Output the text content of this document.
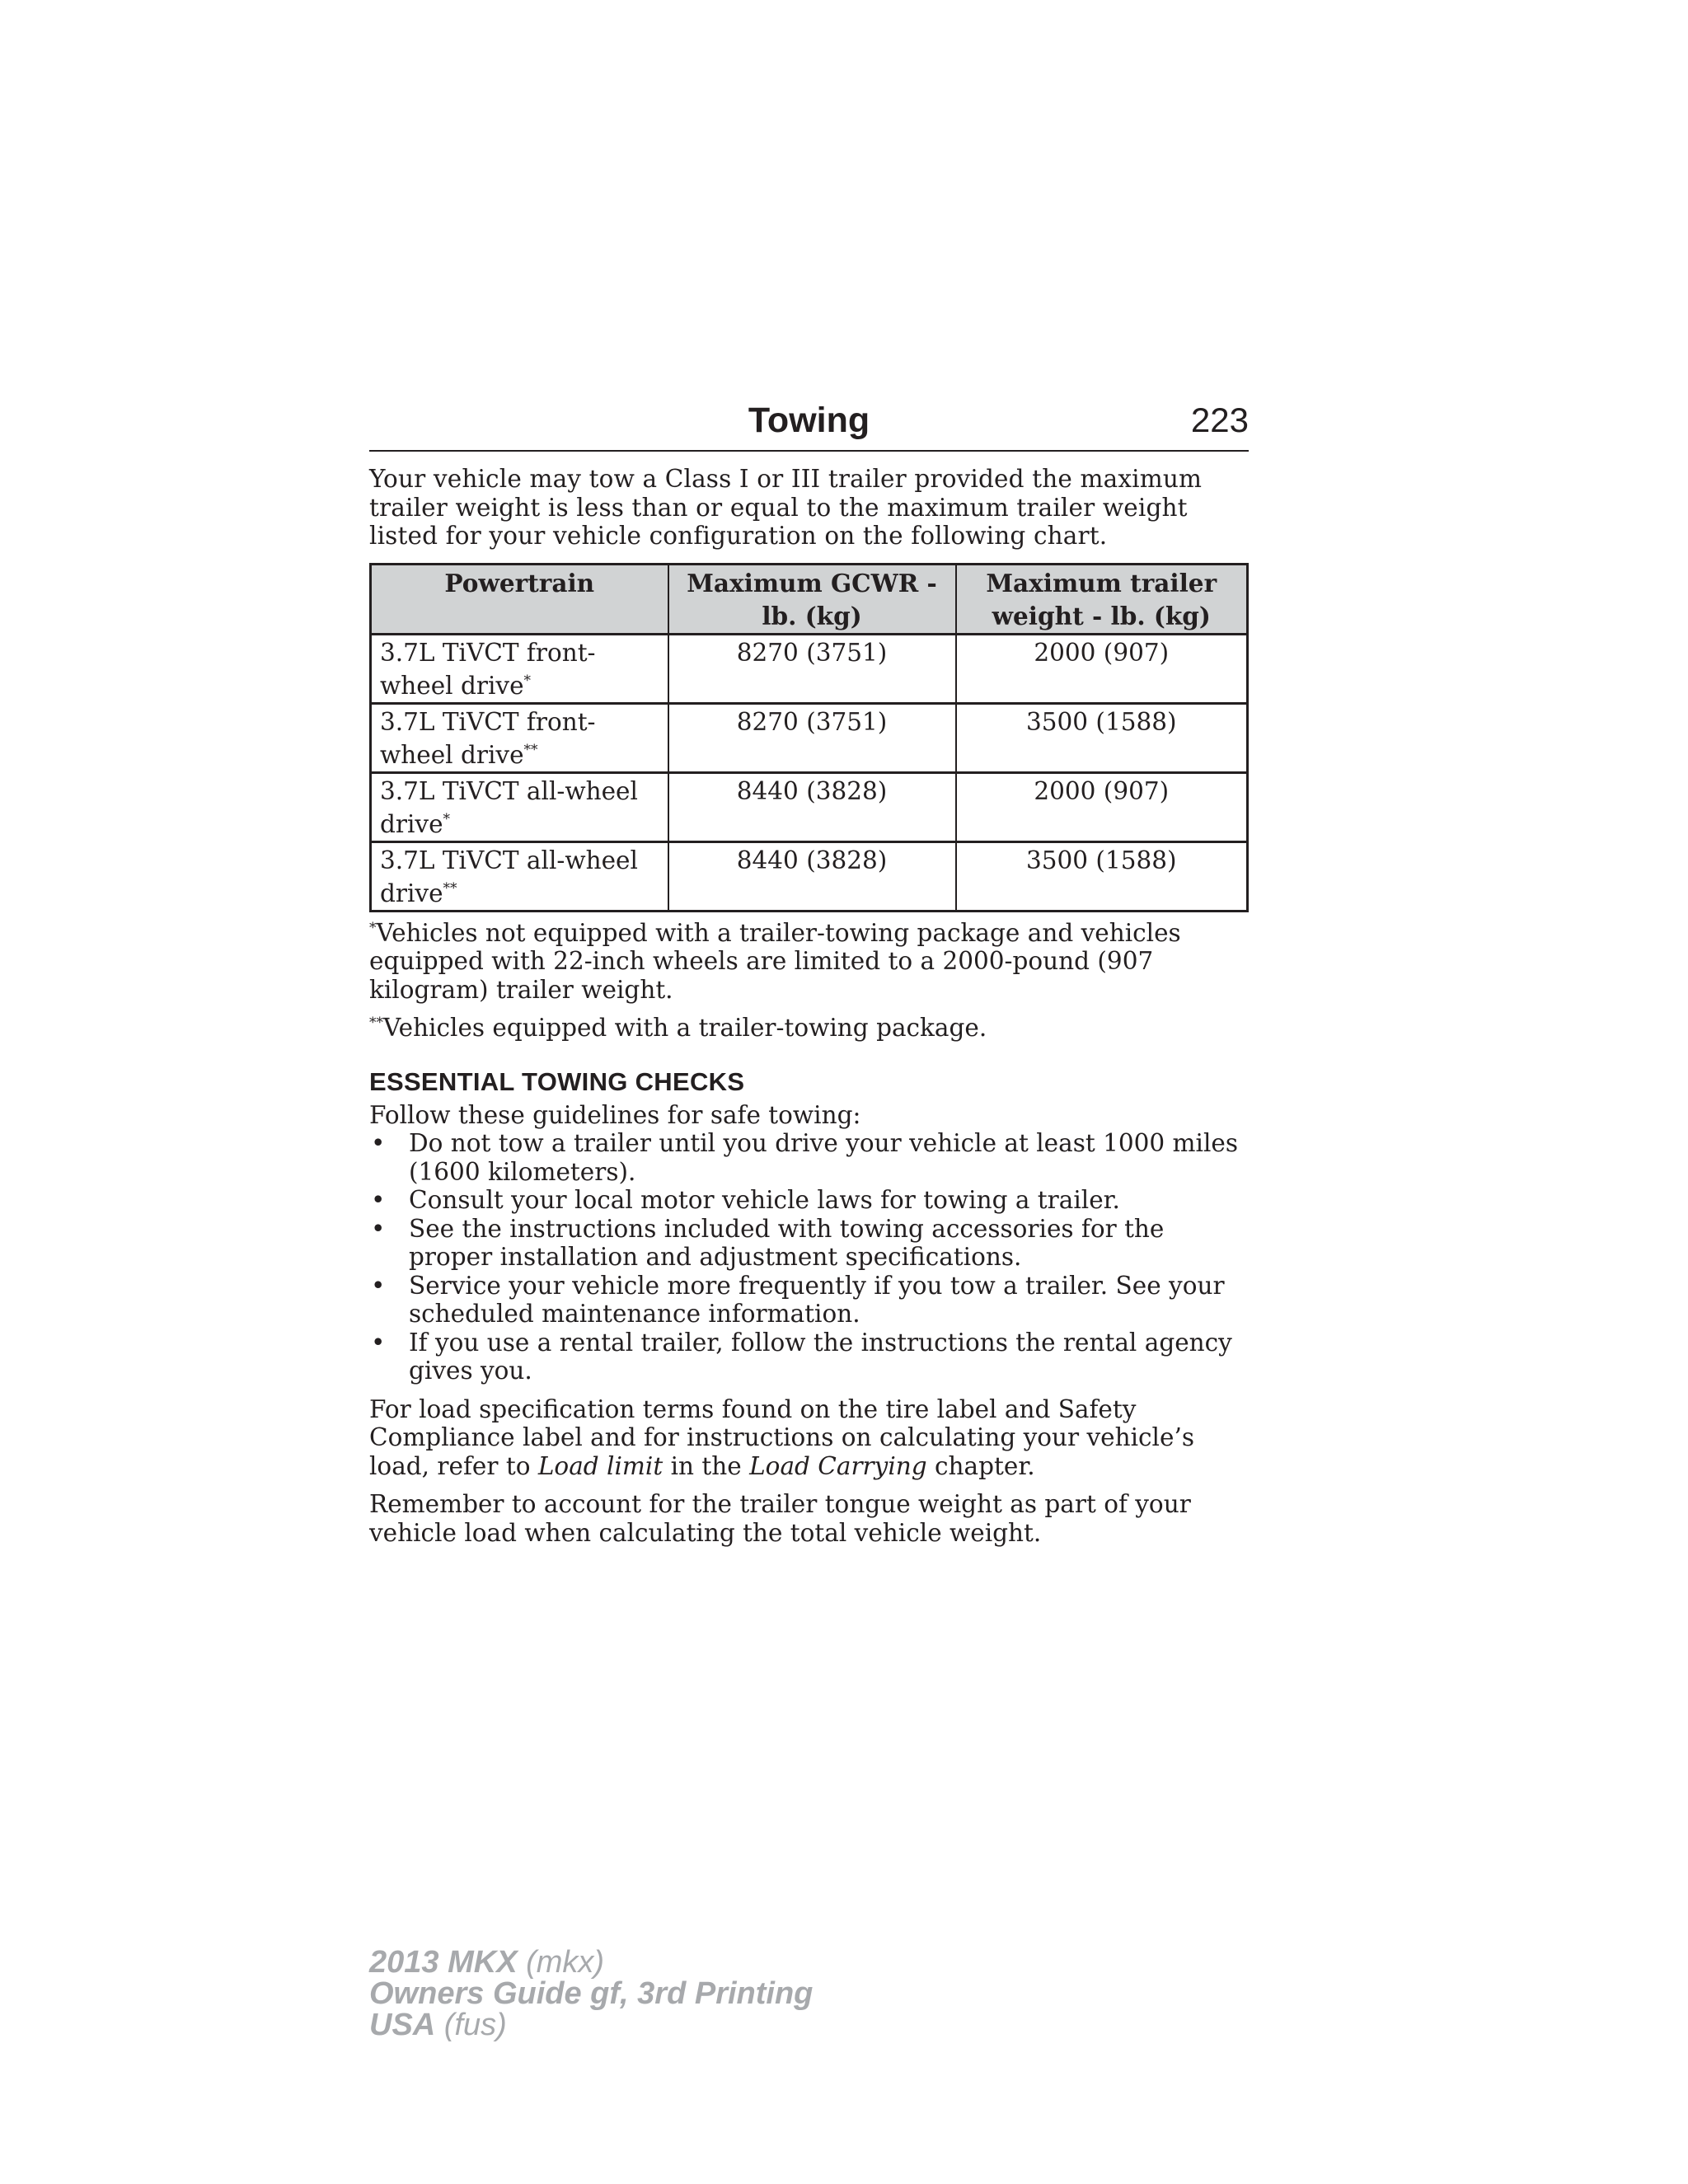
Towing	223

Your vehicle may tow a Class I or III trailer provided the maximum trailer weight is less than or equal to the maximum trailer weight listed for your vehicle configuration on the following chart.

Powertrain	Maximum GCWR - lb. (kg)	Maximum trailer weight - lb. (kg)
3.7L TiVCT front-wheel drive*	8270 (3751)	2000 (907)
3.7L TiVCT front-wheel drive**	8270 (3751)	3500 (1588)
3.7L TiVCT all-wheel drive*	8440 (3828)	2000 (907)
3.7L TiVCT all-wheel drive**	8440 (3828)	3500 (1588)

*Vehicles not equipped with a trailer-towing package and vehicles equipped with 22-inch wheels are limited to a 2000-pound (907 kilogram) trailer weight.

**Vehicles equipped with a trailer-towing package.

ESSENTIAL TOWING CHECKS

Follow these guidelines for safe towing:

• Do not tow a trailer until you drive your vehicle at least 1000 miles (1600 kilometers).
• Consult your local motor vehicle laws for towing a trailer.
• See the instructions included with towing accessories for the proper installation and adjustment specifications.
• Service your vehicle more frequently if you tow a trailer. See your scheduled maintenance information.
• If you use a rental trailer, follow the instructions the rental agency gives you.

For load specification terms found on the tire label and Safety Compliance label and for instructions on calculating your vehicle’s load, refer to Load limit in the Load Carrying chapter.

Remember to account for the trailer tongue weight as part of your vehicle load when calculating the total vehicle weight.

2013 MKX (mkx)
Owners Guide gf, 3rd Printing
USA (fus)
